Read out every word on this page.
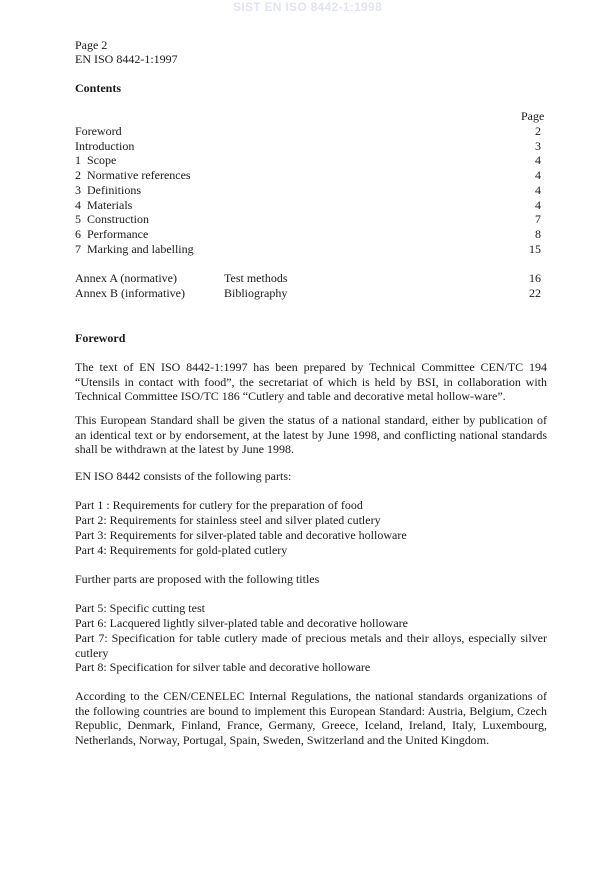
SIST EN ISO 8442-1:1998
Page 2
EN ISO 8442-1:1997
Contents
Page
Foreword	2
Introduction	3
1 Scope	4
2 Normative references	4
3 Definitions	4
4 Materials	4
5 Construction	7
6 Performance	8
7 Marking and labelling	15
Annex A (normative)	Test methods	16
Annex B (informative)	Bibliography	22
Foreword
The text of EN ISO 8442-1:1997 has been prepared by Technical Committee CEN/TC 194 “Utensils in contact with food”, the secretariat of which is held by BSI, in collaboration with Technical Committee ISO/TC 186 “Cutlery and table and decorative metal hollow-ware”.
This European Standard shall be given the status of a national standard, either by publication of an identical text or by endorsement, at the latest by June 1998, and conflicting national standards shall be withdrawn at the latest by June 1998.
EN ISO 8442 consists of the following parts:
Part 1 : Requirements for cutlery for the preparation of food
Part 2: Requirements for stainless steel and silver plated cutlery
Part 3: Requirements for silver-plated table and decorative holloware
Part 4: Requirements for gold-plated cutlery
Further parts are proposed with the following titles
Part 5: Specific cutting test
Part 6: Lacquered lightly silver-plated table and decorative holloware
Part 7: Specification for table cutlery made of precious metals and their alloys, especially silver cutlery
Part 8: Specification for silver table and decorative holloware
According to the CEN/CENELEC Internal Regulations, the national standards organizations of the following countries are bound to implement this European Standard: Austria, Belgium, Czech Republic, Denmark, Finland, France, Germany, Greece, Iceland, Ireland, Italy, Luxembourg, Netherlands, Norway, Portugal, Spain, Sweden, Switzerland and the United Kingdom.
